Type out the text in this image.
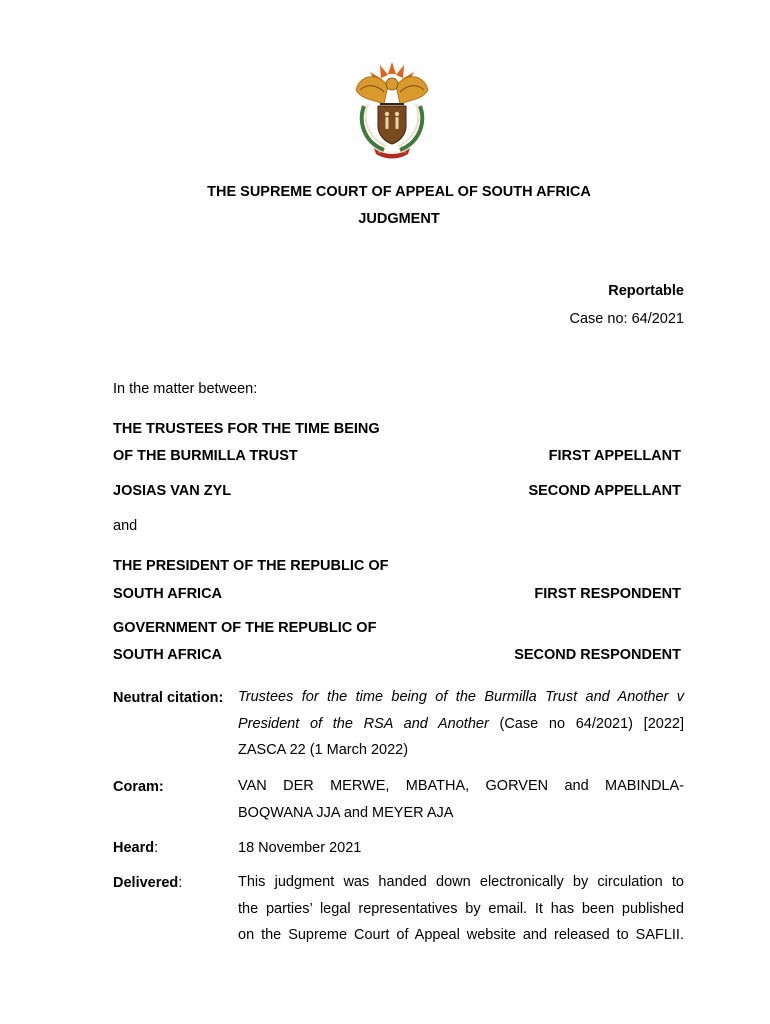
THE SUPREME COURT OF APPEAL OF SOUTH AFRICA
JUDGMENT
Reportable
Case no: 64/2021
In the matter between:
THE TRUSTEES FOR THE TIME BEING
OF THE BURMILLA TRUST	FIRST APPELLANT
JOSIAS VAN ZYL	SECOND APPELLANT
and
THE PRESIDENT OF THE REPUBLIC OF
SOUTH AFRICA	FIRST RESPONDENT
GOVERNMENT OF THE REPUBLIC OF
SOUTH AFRICA	SECOND RESPONDENT
Neutral citation: Trustees for the time being of the Burmilla Trust and Another v
President of the RSA and Another (Case no 64/2021) [2022]
ZASCA 22 (1 March 2022)
Coram:	VAN DER MERWE, MBATHA, GORVEN and MABINDLA-
BOQWANA JJA and MEYER AJA
Heard:	18 November 2021
Delivered:	This judgment was handed down electronically by circulation to
the parties’ legal representatives by email. It has been published
on the Supreme Court of Appeal website and released to SAFLII.
